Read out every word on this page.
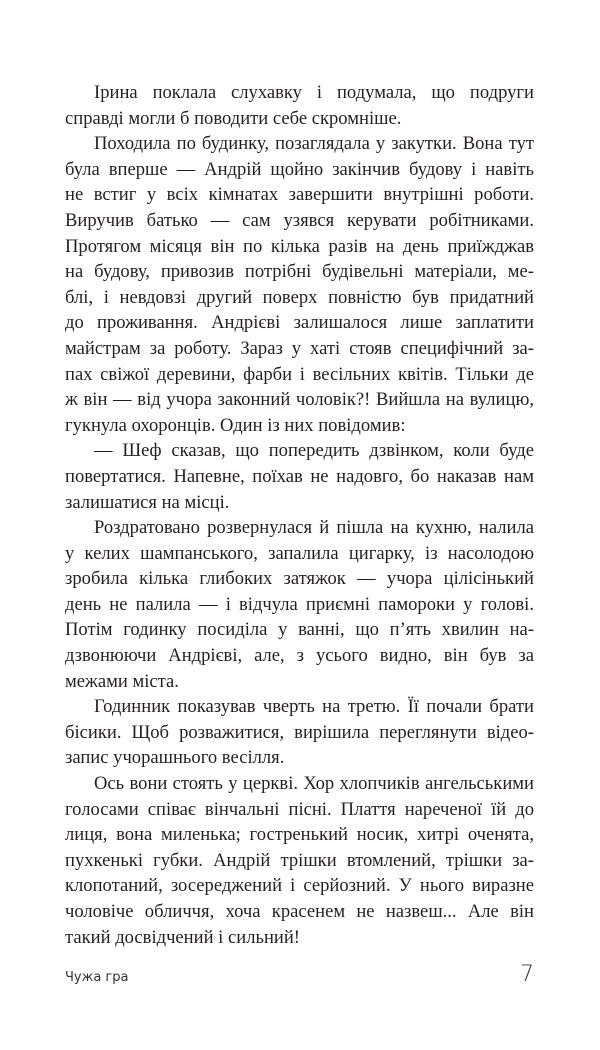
Ірина поклала слухавку і подумала, що подруги
справді могли б поводити себе скромніше.
Походила по будинку, позаглядала у закутки. Вона тут
була вперше — Андрій щойно закінчив будову і навіть
не встиг у всіх кімнатах завершити внутрішні роботи.
Виручив батько — сам узявся керувати робітниками.
Протягом місяця він по кілька разів на день приїжджав
на будову, привозив потрібні будівельні матеріали, ме-
блі, і невдовзі другий поверх повністю був придатний
до проживання. Андрієві залишалося лише заплатити
майстрам за роботу. Зараз у хаті стояв специфічний за-
пах свіжої деревини, фарби і весільних квітів. Тільки де
ж він — від учора законний чоловік?! Вийшла на вулицю,
гукнула охоронців. Один із них повідомив:
— Шеф сказав, що попередить дзвінком, коли буде
повертатися. Напевне, поїхав не надовго, бо наказав нам
залишатися на місці.
Роздратовано розвернулася й пішла на кухню, налила
у келих шампанського, запалила цигарку, із насолодою
зробила кілька глибоких затяжок — учора цілісінький
день не палила — і відчула приємні памороки у голові.
Потім годинку посиділа у ванні, що п’ять хвилин на-
дзвонюючи Андрієві, але, з усього видно, він був за
межами міста.
Годинник показував чверть на третю. Її почали брати
бісики. Щоб розважитися, вирішила переглянути відео-
запис учорашнього весілля.
Ось вони стоять у церкві. Хор хлопчиків ангельськими
голосами співає вінчальні пісні. Плаття нареченої їй до
лиця, вона миленька; гостренький носик, хитрі оченята,
пухкенькі губки. Андрій трішки втомлений, трішки за-
клопотаний, зосереджений і серйозний. У нього виразне
чоловіче обличчя, хоча красенем не назвеш... Але він
такий досвідчений і сильний!
Чужа гра	7
